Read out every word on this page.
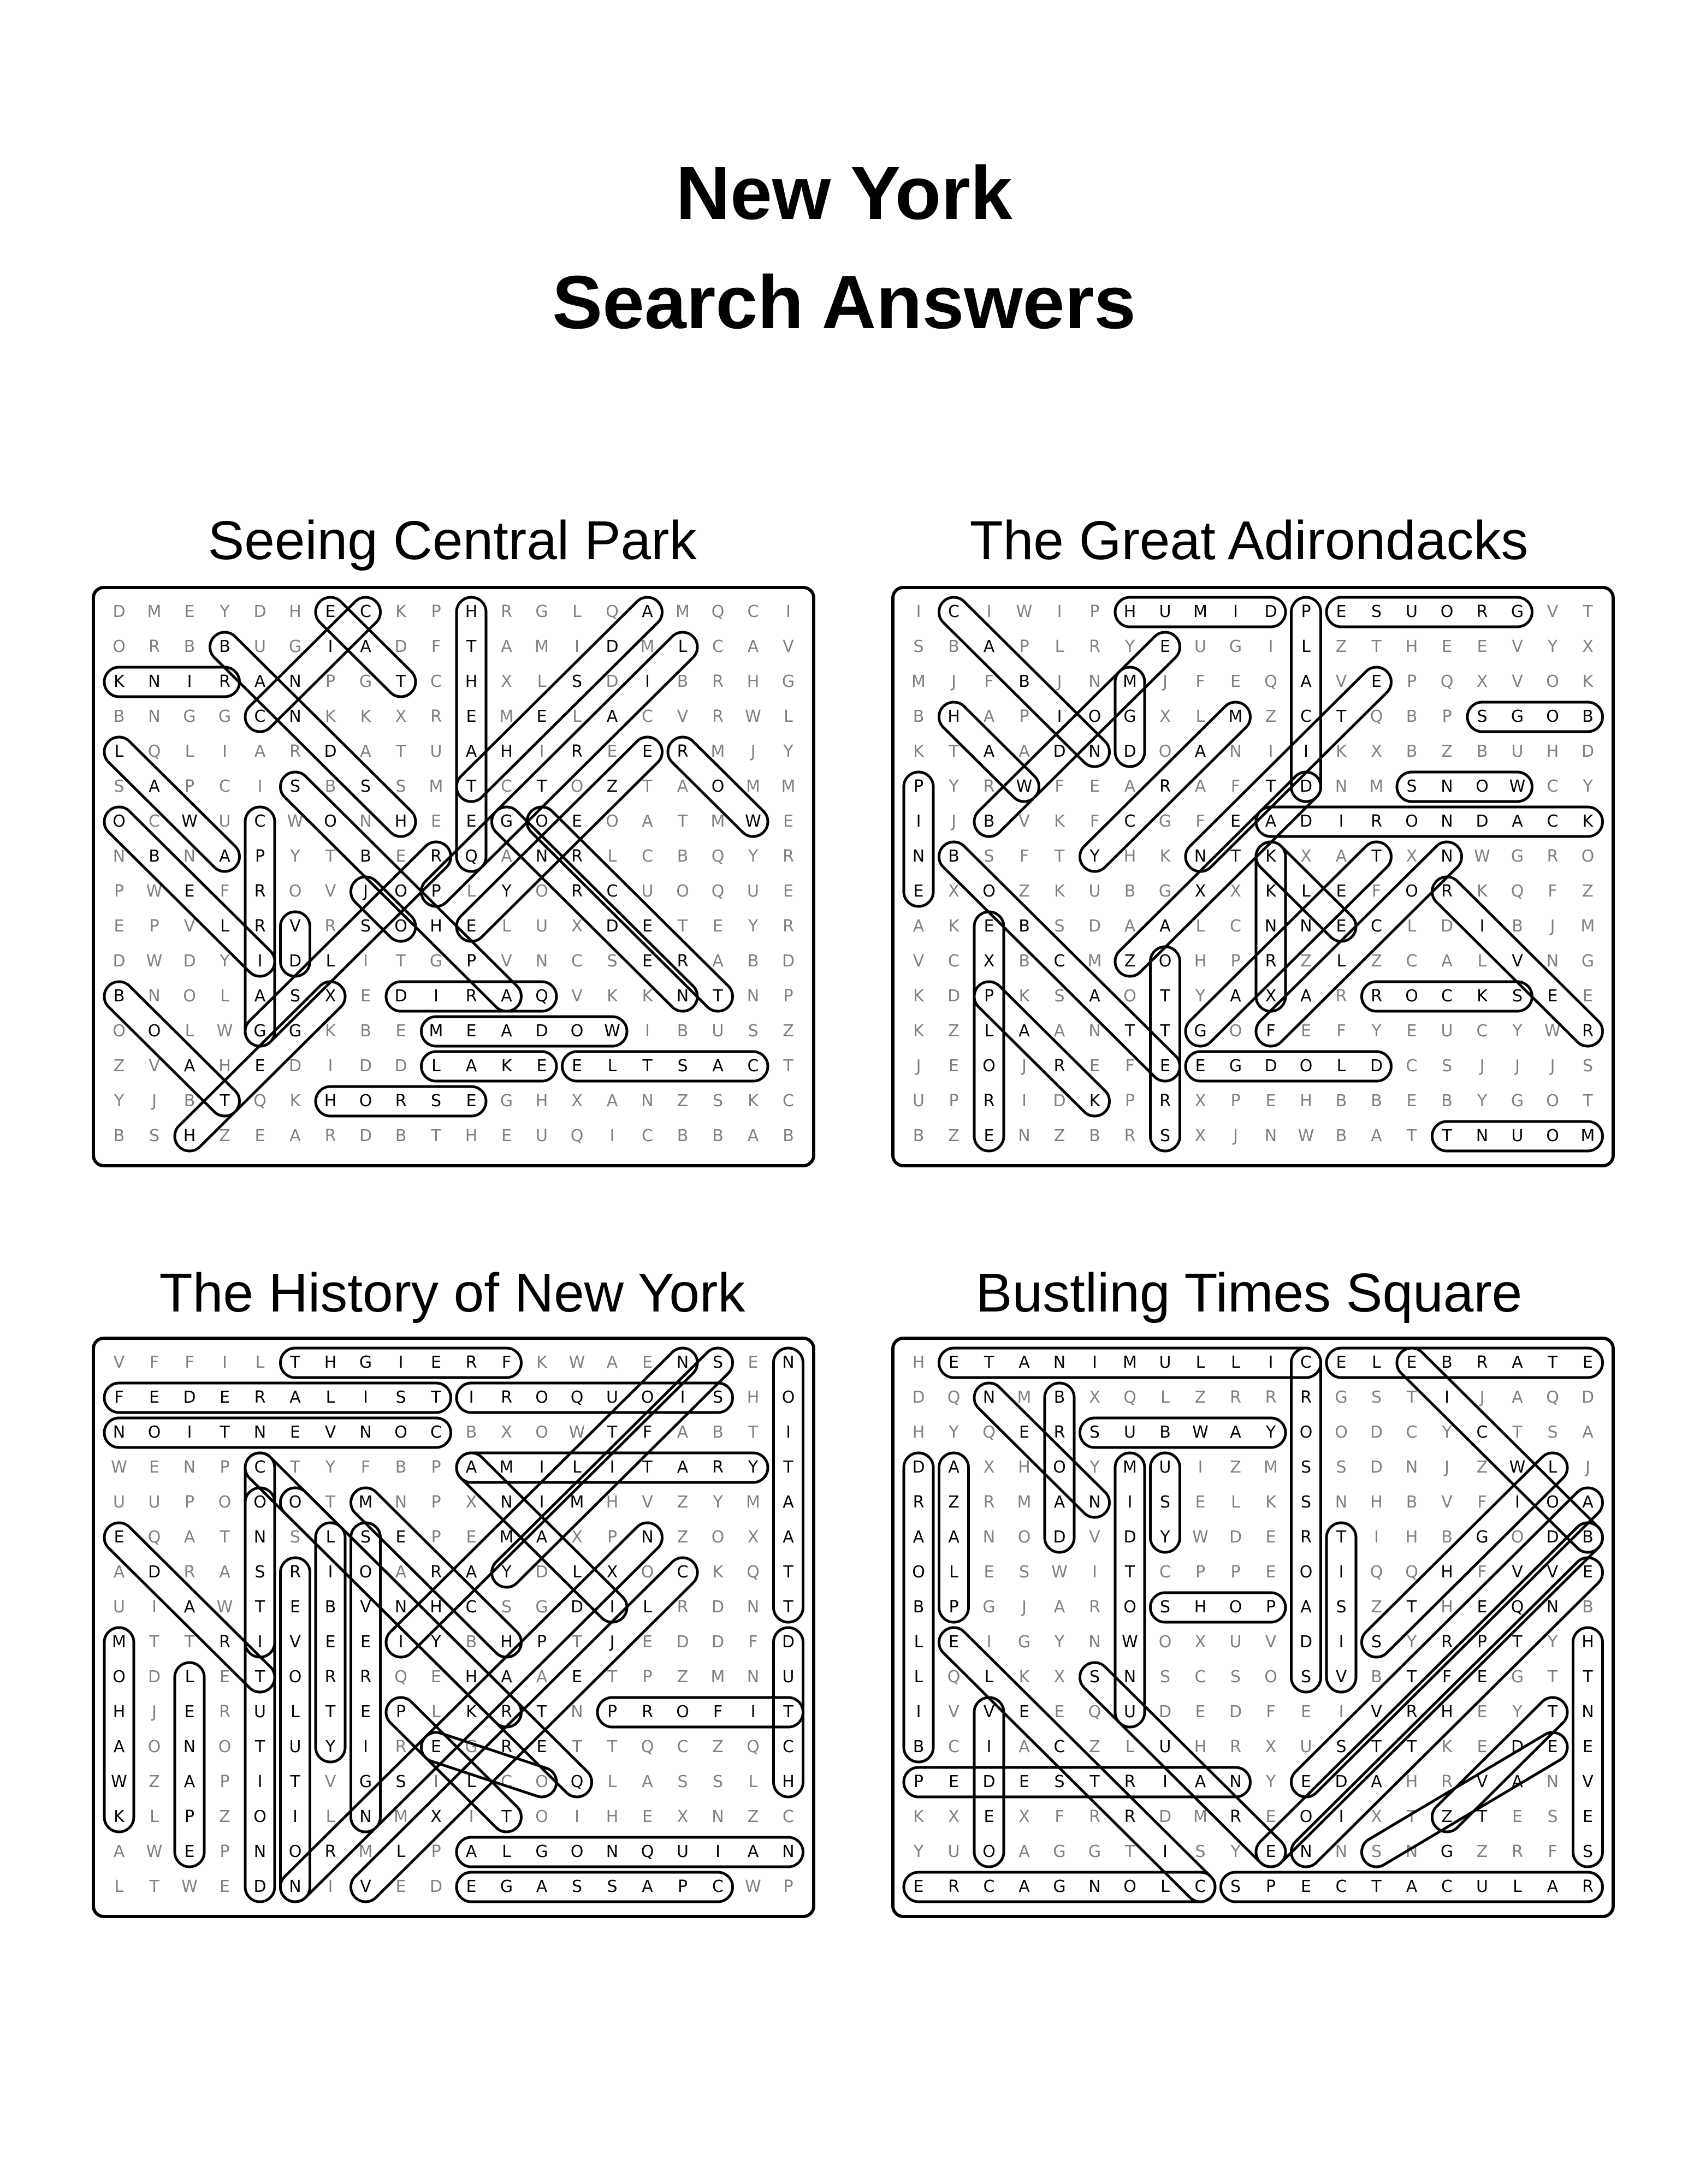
New York
Search Answers
Seeing Central Park	The Great Adirondacks
The History of New York	Bustling Times Square
D	M	E	Y	D	H	E	C	K	P	H	R	G	L	Q	A	M	Q	C	I
O	R	B	B	U	G	I	A	D	F	T	A	M	I	D	M	L	C	A	V
K	N	I	R	A	N	P	G	T	C	H	X	L	S	D	I	B	R	H	G
B	N	G	G	C	N	K	K	X	R	E	M	E	L	A	C	V	R	W	L
L	Q	L	I	A	R	D	A	T	U	A	H	I	R	E	E	R	M	J	Y
S	A	P	C	I	S	B	S	S	M	T	C	T	O	Z	T	A	O	M	M
O	C	W	U	C	W	O	N	H	E	E	G	O	E	O	A	T	M	W	E
N	B	N	A	P	Y	T	B	E	R	Q	A	N	R	L	C	B	Q	Y	R
P	W	E	F	R	O	V	J	O	P	L	Y	O	R	C	U	O	Q	U	E
E	P	V	L	R	V	R	S	O	H	E	L	U	X	D	E	T	E	Y	R
D	W	D	Y	I	D	L	I	T	G	P	V	N	C	S	E	R	A	B	D
B	N	O	L	A	S	X	E	D	I	R	A	Q	V	K	K	N	T	N	P
O	O	L	W	G	G	K	B	E	M	E	A	D	O	W	I	B	U	S	Z
Z	V	A	H	E	D	I	D	D	L	A	K	E	E	L	T	S	A	C	T
Y	J	B	T	Q	K	H	O	R	S	E	G	H	X	A	N	Z	S	K	C
B	S	H	Z	E	A	R	D	B	T	H	E	U	Q	I	C	B	B	A	B
I	C	I	W	I	P	H	U	M	I	D	P	E	S	U	O	R	G	V	T
S	B	A	P	L	R	Y	E	U	G	I	L	Z	T	H	E	E	V	Y	X
M	J	F	B	J	N	M	J	F	E	Q	A	V	E	P	Q	X	V	O	K
B	H	A	P	I	O	G	X	L	M	Z	C	T	Q	B	P	S	G	O	B
K	T	A	A	D	N	D	O	A	N	I	I	K	X	B	Z	B	U	H	D
P	Y	R	W	F	E	A	R	A	F	T	D	N	M	S	N	O	W	C	Y
I	J	B	V	K	F	C	G	F	E	A	D	I	R	O	N	D	A	C	K
N	B	S	F	T	Y	H	K	N	T	K	X	A	T	X	N	W	G	R	O
E	X	O	Z	K	U	B	G	X	X	K	L	E	F	O	R	K	Q	F	Z
A	K	E	B	S	D	A	A	L	C	N	N	E	C	L	D	I	B	J	M
V	C	X	B	C	M	Z	O	H	P	R	Z	L	Z	C	A	L	V	N	G
K	D	P	K	S	A	O	T	Y	A	X	A	R	R	O	C	K	S	E	E
K	Z	L	A	A	N	T	T	G	O	F	E	F	Y	E	U	C	Y	W	R
J	E	O	J	R	E	F	E	E	G	D	O	L	D	C	S	J	J	J	S
U	P	R	I	D	K	P	R	X	P	E	H	B	B	E	B	Y	G	O	T
B	Z	E	N	Z	B	R	S	X	J	N	W	B	A	T	T	N	U	O	M
V	F	F	I	L	T	H	G	I	E	R	F	K	W	A	E	N	S	E	N
F	E	D	E	R	A	L	I	S	T	I	R	O	Q	U	O	I	S	H	O
N	O	I	T	N	E	V	N	O	C	B	X	O	W	T	F	A	B	T	I
W	E	N	P	C	T	Y	F	B	P	A	M	I	L	I	T	A	R	Y	T
U	U	P	O	O	O	T	M	N	P	X	N	I	M	H	V	Z	Y	M	A
E	Q	A	T	N	S	L	S	E	P	E	M	A	X	P	N	Z	O	X	A
A	D	R	A	S	R	I	O	A	R	A	Y	D	L	X	O	C	K	Q	T
U	I	A	W	T	E	B	V	N	H	C	S	G	D	I	L	R	D	N	T
M	T	T	R	I	V	E	E	I	Y	B	H	P	T	J	E	D	D	F	D
O	D	L	E	T	O	R	R	Q	E	H	A	A	E	T	P	Z	M	N	U
H	J	E	R	U	L	T	E	P	L	K	R	T	N	P	R	O	F	I	T
A	O	N	O	T	U	Y	I	R	E	G	R	E	T	T	Q	C	Z	Q	C
W	Z	A	P	I	T	V	G	S	I	L	C	O	Q	L	A	S	S	L	H
K	L	P	Z	O	I	L	N	M	X	I	T	O	I	H	E	X	N	Z	C
A	W	E	P	N	O	R	M	L	P	A	L	G	O	N	Q	U	I	A	N
L	T	W	E	D	N	I	V	E	D	E	G	A	S	S	A	P	C	W	P
H	E	T	A	N	I	M	U	L	L	I	C	E	L	E	B	R	A	T	E
D	Q	N	M	B	X	Q	L	Z	R	R	R	G	S	T	I	J	A	Q	D
H	Y	Q	E	R	S	U	B	W	A	Y	O	O	D	C	Y	C	T	S	A
D	A	X	H	O	Y	M	U	I	Z	M	S	S	D	N	J	Z	W	L	J
R	Z	R	M	A	N	I	S	E	L	K	S	N	H	B	V	F	I	O	A
A	A	N	O	D	V	D	Y	W	D	E	R	T	I	H	B	G	O	D	B
O	L	E	S	W	I	T	C	P	P	E	O	I	Q	Q	H	F	V	V	E
B	P	G	J	A	R	O	S	H	O	P	A	S	Z	T	H	E	Q	N	B
L	E	I	G	Y	N	W	O	X	U	V	D	I	S	Y	R	P	T	Y	H
L	Q	L	K	X	S	N	S	C	S	O	S	V	B	T	F	E	G	T	T
I	V	V	E	E	Q	U	D	E	D	F	E	I	V	R	H	E	Y	T	N
B	C	I	A	C	Z	L	U	H	R	X	U	S	T	T	K	E	D	E	E
P	E	D	E	S	T	R	I	A	N	Y	E	D	A	H	R	V	A	N	V
K	X	E	X	F	R	R	D	M	R	E	O	I	X	T	Z	T	E	S	E
Y	U	O	A	G	G	T	I	S	Y	E	N	N	S	N	G	Z	R	F	S
E	R	C	A	G	N	O	L	C	S	P	E	C	T	A	C	U	L	A	R
